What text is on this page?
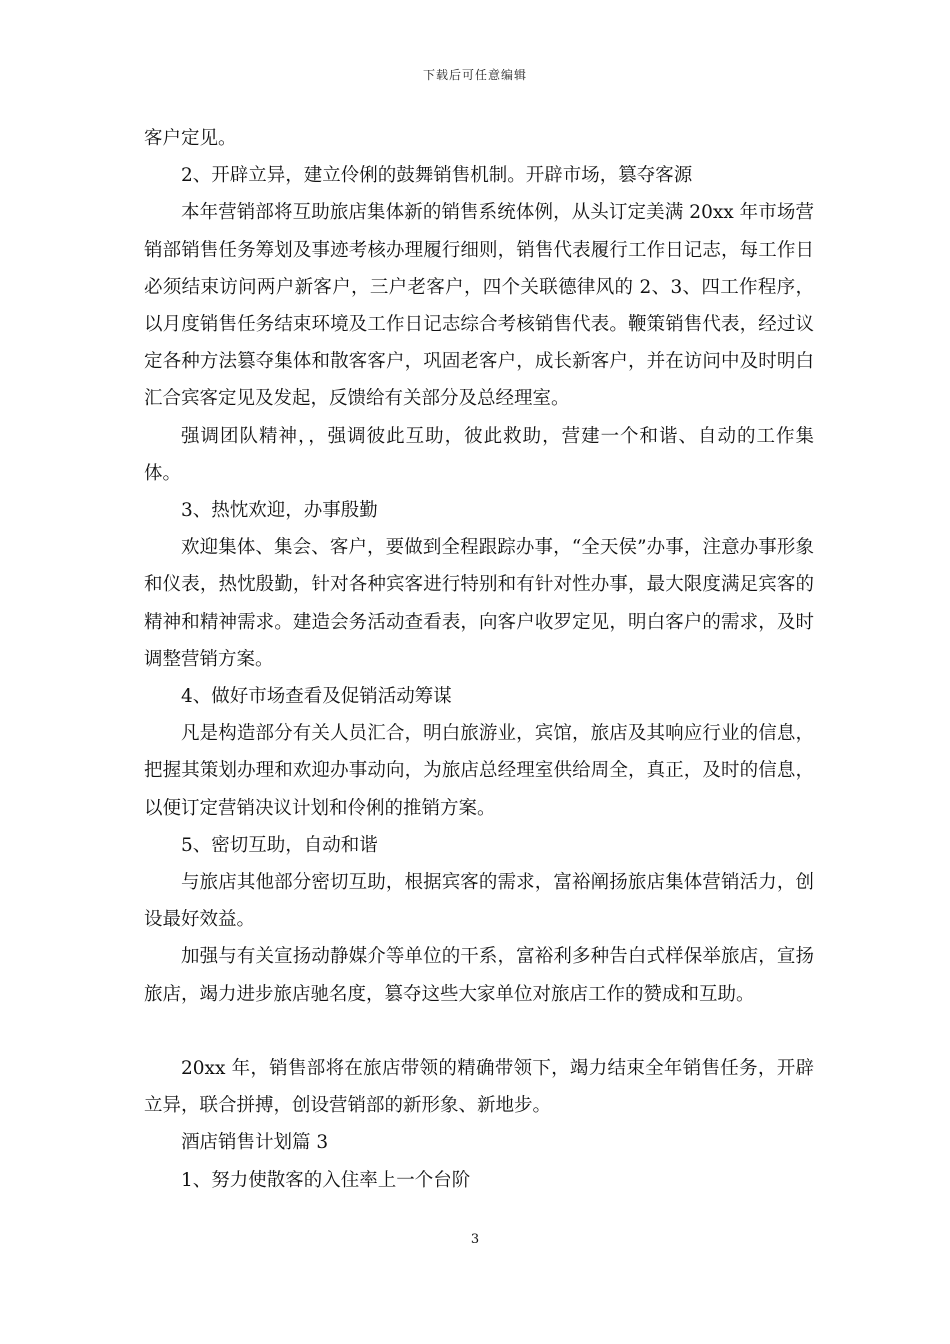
下载后可任意编辑

客户定见。

2、开辟立异，建立伶俐的鼓舞销售机制。开辟市场，篡夺客源

本年营销部将互助旅店集体新的销售系统体例，从头订定美满 20xx 年市场营销部销售任务筹划及事迹考核办理履行细则，销售代表履行工作日记志，每工作日必须结束访问两户新客户，三户老客户，四个关联德律风的 2、3、四工作程序，以月度销售任务结束环境及工作日记志综合考核销售代表。鞭策销售代表，经过议定各种方法篡夺集体和散客客户，巩固老客户，成长新客户，并在访问中及时明白汇合宾客定见及发起，反馈给有关部分及总经理室。

强调团队精神，，强调彼此互助，彼此救助，营建一个和谐、自动的工作集体。

3、热忱欢迎，办事殷勤

欢迎集体、集会、客户，要做到全程跟踪办事，“全天侯”办事，注意办事形象和仪表，热忱殷勤，针对各种宾客进行特别和有针对性办事，最大限度满足宾客的精神和精神需求。建造会务活动查看表，向客户收罗定见，明白客户的需求，及时调整营销方案。

4、做好市场查看及促销活动筹谋

凡是构造部分有关人员汇合，明白旅游业，宾馆，旅店及其响应行业的信息，把握其策划办理和欢迎办事动向，为旅店总经理室供给周全，真正，及时的信息，以便订定营销决议计划和伶俐的推销方案。

5、密切互助，自动和谐

与旅店其他部分密切互助，根据宾客的需求，富裕阐扬旅店集体营销活力，创设最好效益。

加强与有关宣扬动静媒介等单位的干系，富裕利多种告白式样保举旅店，宣扬旅店，竭力进步旅店驰名度，篡夺这些大家单位对旅店工作的赞成和互助。

20xx 年，销售部将在旅店带领的精确带领下，竭力结束全年销售任务，开辟立异，联合拼搏，创设营销部的新形象、新地步。

酒店销售计划篇 3

1、努力使散客的入住率上一个台阶

3
